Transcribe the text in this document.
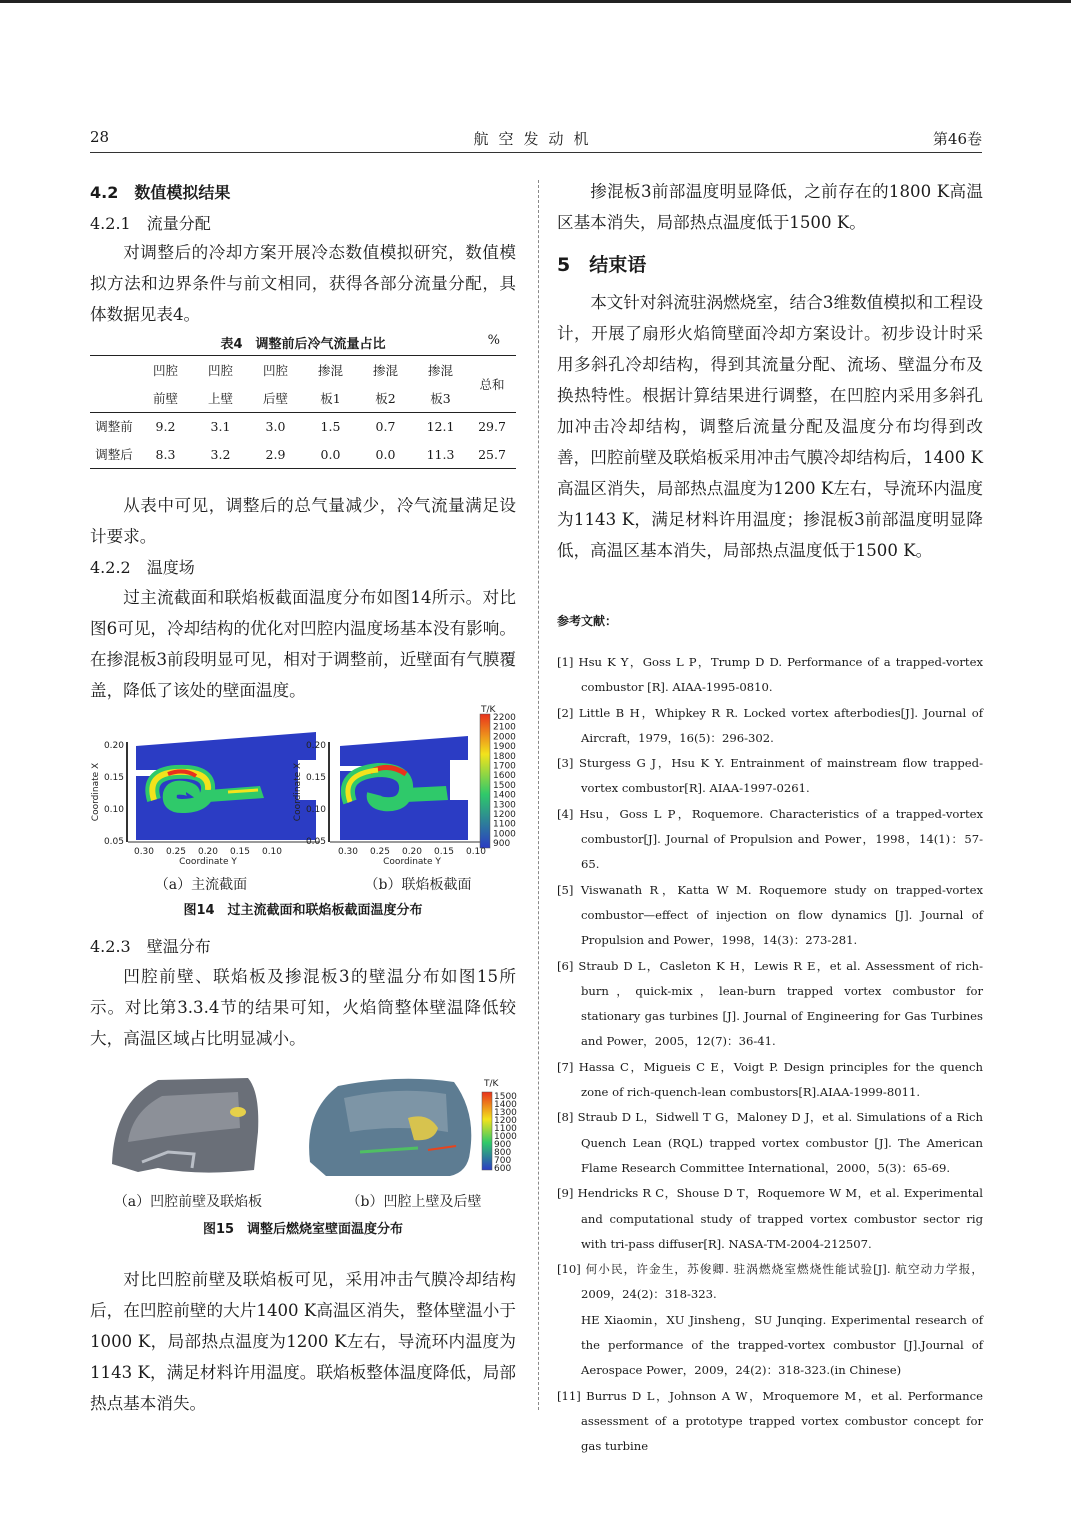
28	航空发动机	第46卷
4.2　数值模拟结果
4.2.1　流量分配
对调整后的冷却方案开展冷态数值模拟研究，数值模拟方法和边界条件与前文相同，获得各部分流量分配，具体数据见表4。
表4　调整前后冷气流量占比	%
	凹腔	凹腔	凹腔	掺混	掺混	掺混	总和
	前壁	上壁	后壁	板1	板2	板3	
调整前	9.2	3.1	3.0	1.5	0.7	12.1	29.7
调整后	8.3	3.2	2.9	0.0	0.0	11.3	25.7
从表中可见，调整后的总气量减少，冷气流量满足设计要求。
4.2.2　温度场
过主流截面和联焰板截面温度分布如图14所示。对比图6可见，冷却结构的优化对凹腔内温度场基本没有影响。在掺混板3前段明显可见，相对于调整前，近壁面有气膜覆盖，降低了该处的壁面温度。
0.20
0.15
0.10
0.05
Coordinate X
0.20
0.15
0.10
0.05
Coordinate X
0.30 0.25 0.20 0.15 0.10
Coordinate Y
0.30 0.25 0.20 0.15 0.10
Coordinate Y
T/K
2200
2100
2000
1900
1800
1700
1600
1500
1400
1300
1200
1100
1000
900
（a）主流截面	（b）联焰板截面
图14　过主流截面和联焰板截面温度分布
4.2.3　壁温分布
凹腔前壁、联焰板及掺混板3的壁温分布如图15所示。对比第3.3.4节的结果可知，火焰筒整体壁温降低较大，高温区域占比明显减小。
T/K
1500
1400
1300
1200
1100
1000
900
800
700
600
（a）凹腔前壁及联焰板	（b）凹腔上壁及后壁
图15　调整后燃烧室壁面温度分布
对比凹腔前壁及联焰板可见，采用冲击气膜冷却结构后，在凹腔前壁的大片1400 K高温区消失，整体壁温小于1000 K，局部热点温度为1200 K左右，导流环内温度为1143 K，满足材料许用温度。联焰板整体温度降低，局部热点基本消失。
掺混板3前部温度明显降低，之前存在的1800 K高温区基本消失，局部热点温度低于1500 K。
5　结束语
本文针对斜流驻涡燃烧室，结合3维数值模拟和工程设计，开展了扇形火焰筒壁面冷却方案设计。初步设计时采用多斜孔冷却结构，得到其流量分配、流场、壁温分布及换热特性。根据计算结果进行调整，在凹腔内采用多斜孔加冲击冷却结构，调整后流量分配及温度分布均得到改善，凹腔前壁及联焰板采用冲击气膜冷却结构后，1400 K高温区消失，局部热点温度为1200 K左右，导流环内温度为1143 K，满足材料许用温度；掺混板3前部温度明显降低，高温区基本消失，局部热点温度低于1500 K。
参考文献：
[1] Hsu K Y，Goss L P，Trump D D. Performance of a trapped-vortex combustor [R]. AIAA-1995-0810.
[2] Little B H，Whipkey R R. Locked vortex afterbodies[J]. Journal of Aircraft，1979，16(5)：296-302.
[3] Sturgess G J，Hsu K Y. Entrainment of mainstream flow trapped-vortex combustor[R]. AIAA-1997-0261.
[4] Hsu，Goss L P，Roquemore. Characteristics of a trapped-vortex combustor[J]. Journal of Propulsion and Power，1998，14(1)：57-65.
[5] Viswanath R，Katta W M. Roquemore study on trapped-vortex combustor—effect of injection on flow dynamics [J]. Journal of Propulsion and Power，1998，14(3)：273-281.
[6] Straub D L，Casleton K H，Lewis R E，et al. Assessment of rich-burn，quick-mix，lean-burn trapped vortex combustor for stationary gas turbines [J]. Journal of Engineering for Gas Turbines and Power，2005，12(7)：36-41.
[7] Hassa C，Migueis C E，Voigt P. Design principles for the quench zone of rich-quench-lean combustors[R].AIAA-1999-8011.
[8] Straub D L，Sidwell T G，Maloney D J，et al. Simulations of a Rich Quench Lean (RQL) trapped vortex combustor [J]. The American Flame Research Committee International，2000，5(3)：65-69.
[9] Hendricks R C，Shouse D T，Roquemore W M，et al. Experimental and computational study of trapped vortex combustor sector rig with tri-pass diffuser[R]. NASA-TM-2004-212507.
[10] 何小民，许金生，苏俊卿. 驻涡燃烧室燃烧性能试验[J]. 航空动力学报，2009，24(2)：318-323.
HE Xiaomin，XU Jinsheng，SU Junqing. Experimental research of the performance of the trapped-vortex combustor [J].Journal of Aerospace Power，2009，24(2)：318-323.(in Chinese)
[11] Burrus D L，Johnson A W，Mroquemore M，et al. Performance assessment of a prototype trapped vortex combustor concept for gas turbine
